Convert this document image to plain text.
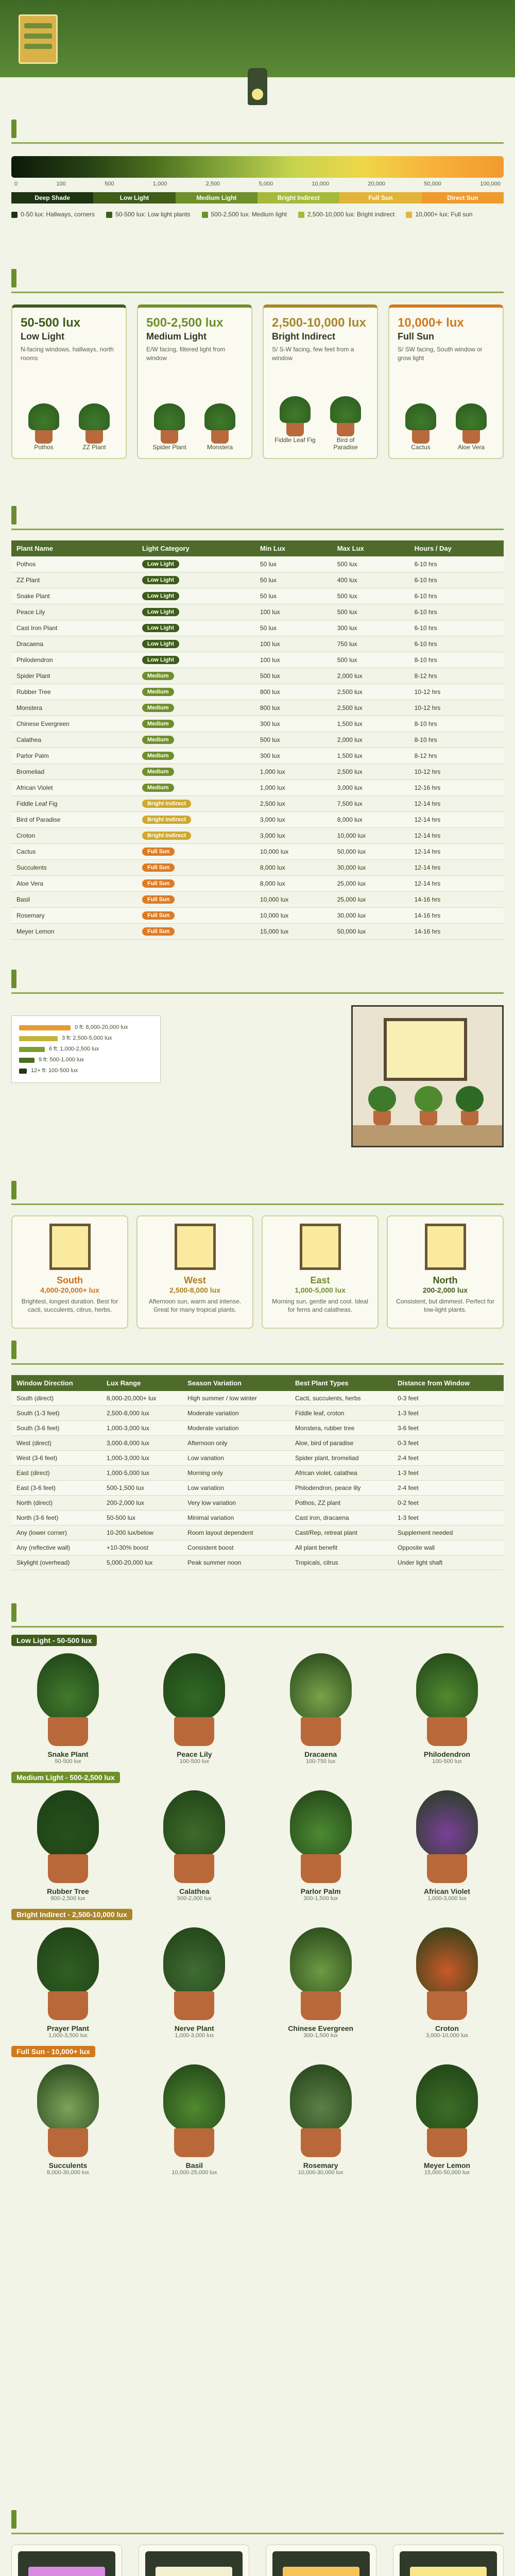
0	100	500	1,000	2,500	5,000	10,000	20,000	50,000	100,000
Deep Shade	Low Light	Medium Light	Bright Indirect	Full Sun	Direct Sun
0-50 lux: Hallways, corners	50-500 lux: Low light plants	500-2,500 lux: Medium light	2,500-10,000 lux: Bright indirect	10,000+ lux: Full sun
50-500 lux
Low Light
N-facing windows, hallways, north rooms
Pothos	ZZ Plant
500-2,500 lux
Medium Light
E/W facing, filtered light from window
Spider Plant	Monstera
2,500-10,000 lux
Bright Indirect
S/ S-W facing, few feet from a window
Fiddle Leaf Fig	Bird of Paradise
10,000+ lux
Full Sun
S/ SW facing, South window or grow light
Cactus	Aloe Vera
Plant Name	Light Category	Min Lux	Max Lux	Hours / Day
Pothos	Low Light	50 lux	500 lux	6-10 hrs
ZZ Plant	Low Light	50 lux	400 lux	6-10 hrs
Snake Plant	Low Light	50 lux	500 lux	6-10 hrs
Peace Lily	Low Light	100 lux	500 lux	6-10 hrs
Cast Iron Plant	Low Light	50 lux	300 lux	6-10 hrs
Dracaena	Low Light	100 lux	750 lux	6-10 hrs
Philodendron	Low Light	100 lux	500 lux	8-10 hrs
Spider Plant	Medium	500 lux	2,000 lux	8-12 hrs
Rubber Tree	Medium	800 lux	2,500 lux	10-12 hrs
Monstera	Medium	800 lux	2,500 lux	10-12 hrs
Chinese Evergreen	Medium	300 lux	1,500 lux	8-10 hrs
Calathea	Medium	500 lux	2,000 lux	8-10 hrs
Parlor Palm	Medium	300 lux	1,500 lux	8-12 hrs
Bromeliad	Medium	1,000 lux	2,500 lux	10-12 hrs
African Violet	Medium	1,000 lux	3,000 lux	12-16 hrs
Fiddle Leaf Fig	Bright Indirect	2,500 lux	7,500 lux	12-14 hrs
Bird of Paradise	Bright Indirect	3,000 lux	8,000 lux	12-14 hrs
Croton	Bright Indirect	3,000 lux	10,000 lux	12-14 hrs
Cactus	Full Sun	10,000 lux	50,000 lux	12-14 hrs
Succulents	Full Sun	8,000 lux	30,000 lux	12-14 hrs
Aloe Vera	Full Sun	8,000 lux	25,000 lux	12-14 hrs
Basil	Full Sun	10,000 lux	25,000 lux	14-16 hrs
Rosemary	Full Sun	10,000 lux	30,000 lux	14-16 hrs
Meyer Lemon	Full Sun	15,000 lux	50,000 lux	14-16 hrs
0 ft: 8,000-20,000 lux
3 ft: 2,500-5,000 lux
6 ft: 1,000-2,500 lux
9 ft: 500-1,000 lux
12+ ft: 100-500 lux
South
4,000-20,000+ lux
Brightest, longest duration. Best for cacti, succulents, citrus, herbs.
West
2,500-8,000 lux
Afternoon sun, warm and intense. Great for many tropical plants.
East
1,000-5,000 lux
Morning sun, gentle and cool. Ideal for ferns and calatheas.
North
200-2,000 lux
Consistent, but dimmest. Perfect for low-light plants.
Window Direction	Lux Range	Season Variation	Best Plant Types	Distance from Window
South (direct)	8,000-20,000+ lux	High summer / low winter	Cacti, succulents, herbs	0-3 feet
South (1-3 feet)	2,500-8,000 lux	Moderate variation	Fiddle leaf, croton	1-3 feet
South (3-6 feet)	1,000-3,000 lux	Moderate variation	Monstera, rubber tree	3-6 feet
West (direct)	3,000-8,000 lux	Afternoon only	Aloe, bird of paradise	0-3 feet
West (3-6 feet)	1,000-3,000 lux	Low variation	Spider plant, bromeliad	2-4 feet
East (direct)	1,000-5,000 lux	Morning only	African violet, calathea	1-3 feet
East (3-6 feet)	500-1,500 lux	Low variation	Philodendron, peace lily	2-4 feet
North (direct)	200-2,000 lux	Very low variation	Pothos, ZZ plant	0-2 feet
North (3-6 feet)	50-500 lux	Minimal variation	Cast iron, dracaena	1-3 feet
Any (lower corner)	10-200 lux/below	Room layout dependent	Cast/Rep, retreat plant	Supplement needed
Any (reflective wall)	+10-30% boost	Consistent boost	All plant benefit	Opposite wall
Skylight (overhead)	5,000-20,000 lux	Peak summer noon	Tropicals, citrus	Under light shaft
Low Light - 50-500 lux
Snake Plant
50-500 lux
Peace Lily
100-500 lux
Dracaena
100-750 lux
Philodendron
100-500 lux
Medium Light - 500-2,500 lux
Rubber Tree
800-2,500 lux
Calathea
500-2,000 lux
Parlor Palm
300-1,500 lux
African Violet
1,000-3,000 lux
Bright Indirect - 2,500-10,000 lux
Prayer Plant
1,000-3,500 lux
Nerve Plant
1,000-3,000 lux
Chinese Evergreen
300-1,500 lux
Croton
3,000-10,000 lux
Full Sun - 10,000+ lux
Succulents
8,000-30,000 lux
Basil
10,000-25,000 lux
Rosemary
10,000-30,000 lux
Meyer Lemon
15,000-50,000 lux
